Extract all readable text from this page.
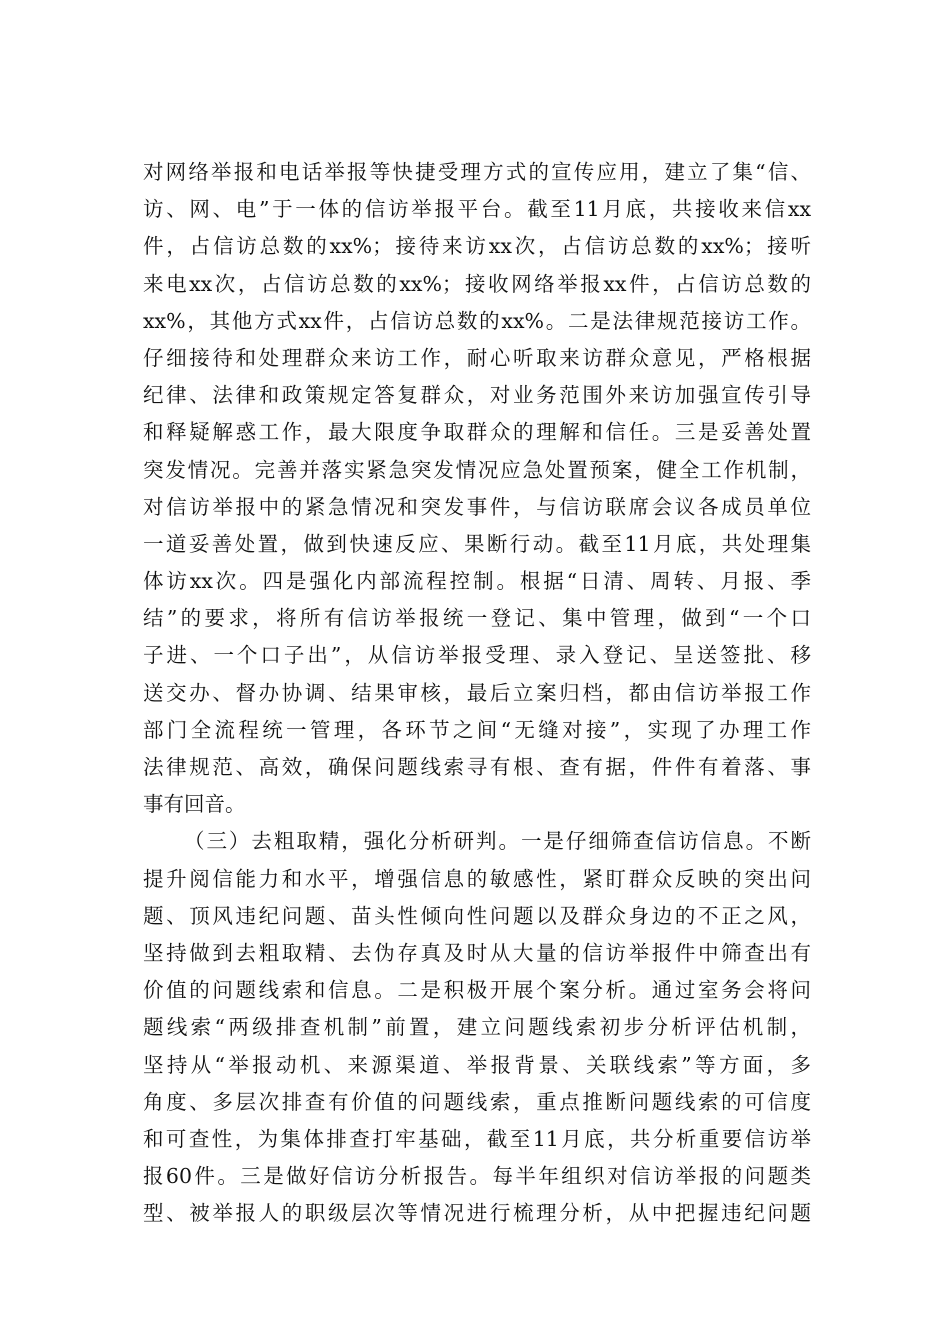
对网络举报和电话举报等快捷受理方式的宣传应用，建立了集“信、
访、网、电”于一体的信访举报平台。截至11月底，共接收来信xx
件，占信访总数的xx%；接待来访xx次，占信访总数的xx%；接听
来电xx次，占信访总数的xx%；接收网络举报xx件，占信访总数的
xx%，其他方式xx件，占信访总数的xx%。二是法律规范接访工作。
仔细接待和处理群众来访工作，耐心听取来访群众意见，严格根据
纪律、法律和政策规定答复群众，对业务范围外来访加强宣传引导
和释疑解惑工作，最大限度争取群众的理解和信任。三是妥善处置
突发情况。完善并落实紧急突发情况应急处置预案，健全工作机制，
对信访举报中的紧急情况和突发事件，与信访联席会议各成员单位
一道妥善处置，做到快速反应、果断行动。截至11月底，共处理集
体访xx次。四是强化内部流程控制。根据“日清、周转、月报、季
结”的要求，将所有信访举报统一登记、集中管理，做到“一个口
子进、一个口子出”，从信访举报受理、录入登记、呈送签批、移
送交办、督办协调、结果审核，最后立案归档，都由信访举报工作
部门全流程统一管理，各环节之间“无缝对接”，实现了办理工作
法律规范、高效，确保问题线索寻有根、查有据，件件有着落、事
事有回音。
（三）去粗取精，强化分析研判。一是仔细筛查信访信息。不断
提升阅信能力和水平，增强信息的敏感性，紧盯群众反映的突出问
题、顶风违纪问题、苗头性倾向性问题以及群众身边的不正之风，
坚持做到去粗取精、去伪存真及时从大量的信访举报件中筛查出有
价值的问题线索和信息。二是积极开展个案分析。通过室务会将问
题线索“两级排查机制”前置，建立问题线索初步分析评估机制，
坚持从“举报动机、来源渠道、举报背景、关联线索”等方面，多
角度、多层次排查有价值的问题线索，重点推断问题线索的可信度
和可查性，为集体排查打牢基础，截至11月底，共分析重要信访举
报60件。三是做好信访分析报告。每半年组织对信访举报的问题类
型、被举报人的职级层次等情况进行梳理分析，从中把握违纪问题
